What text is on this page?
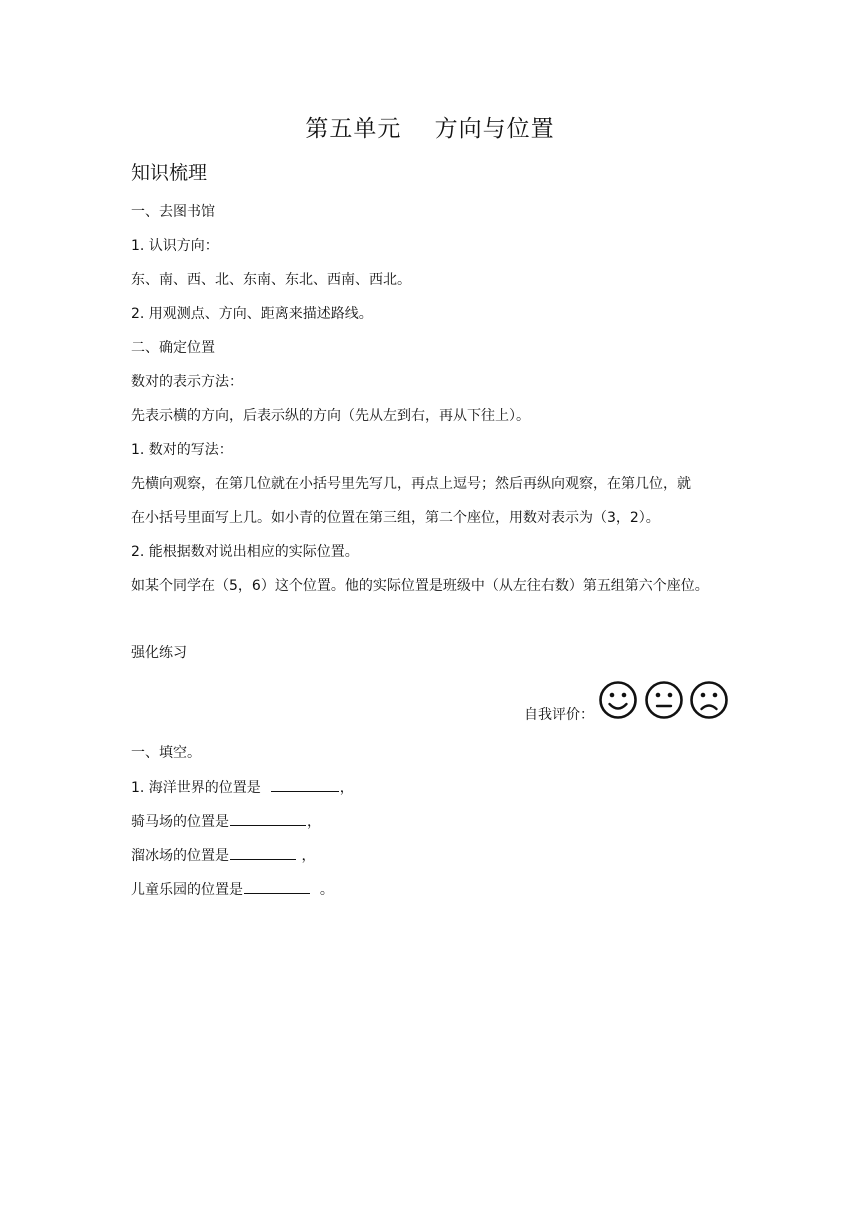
第五单元    方向与位置
知识梳理
一、去图书馆
1. 认识方向：
东、南、西、北、东南、东北、西南、西北。
2. 用观测点、方向、距离来描述路线。
二、确定位置
数对的表示方法：
先表示横的方向，后表示纵的方向（先从左到右，再从下往上）。
1. 数对的写法：
先横向观察，在第几位就在小括号里先写几，再点上逗号；然后再纵向观察，在第几位，就
在小括号里面写上几。如小青的位置在第三组，第二个座位，用数对表示为（3，2）。
2. 能根据数对说出相应的实际位置。
如某个同学在（5，6）这个位置。他的实际位置是班级中（从左往右数）第五组第六个座位。
强化练习
自我评价：
一、填空。
1. 海洋世界的位置是	，
骑马场的位置是	，
溜冰场的位置是	，
儿童乐园的位置是	。
